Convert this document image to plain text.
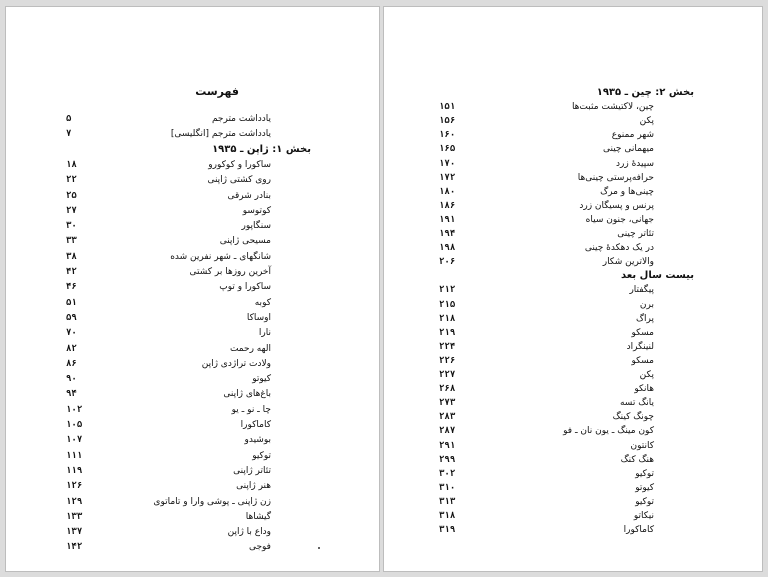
فهرست
یادداشت مترجم
۵
یادداشت مترجم [انگلیسی]
۷
بخش ۱: ژاپن ـ ۱۹۳۵
ساکورا و کوکورو
۱۸
روی کشتی ژاپنی
۲۲
بنادر شرقی
۲۵
کوتوسو
۲۷
سنگاپور
۳۰
مسیحی ژاپنی
۳۳
شانگهای ـ شهر نفرین شده
۳۸
آخرین روزها بر کشتی
۴۲
ساکورا و توپ
۴۶
کوبه
۵۱
اوساکا
۵۹
نارا
۷۰
الهه رحمت
۸۲
ولادت تراژدی ژاپن
۸۶
کیوتو
۹۰
باغ‌های ژاپنی
۹۴
چا ـ نو ـ یو
۱۰۲
کاماکورا
۱۰۵
بوشیدو
۱۰۷
توکیو
۱۱۱
تئاتر ژاپنی
۱۱۹
هنر ژاپنی
۱۲۶
زن ژاپنی ـ پوشی وارا و تاماتوی
۱۲۹
گیشاها
۱۳۳
وداع با ژاپن
۱۳۷
فوجی
۱۴۲
بخش ۲: چین ـ ۱۹۳۵
چین، لاکتیشت مثبت‌ها
۱۵۱
پکن
۱۵۶
شهر ممنوع
۱۶۰
میهمانی چینی
۱۶۵
سپیدهٔ زرد
۱۷۰
حرافه‌پرستی چینی‌ها
۱۷۲
چینی‌ها و مرگ
۱۸۰
پرنس و پسیگان زرد
۱۸۶
جهانی، جنون سیاه
۱۹۱
تئاتر چینی
۱۹۴
در یک دهکدهٔ چینی
۱۹۸
والاترین شکار
۲۰۶
بیست سال بعد
پیگفتار
۲۱۲
برن
۲۱۵
پراگ
۲۱۸
مسکو
۲۱۹
لنینگراد
۲۲۴
مسکو
۲۲۶
پکن
۲۲۷
هانکو
۲۶۸
یانگ تسه
۲۷۳
چونگ کینگ
۲۸۳
کون مینگ ـ یون نان ـ فو
۲۸۷
کانتون
۲۹۱
هنگ کنگ
۲۹۹
توکیو
۳۰۲
کیوتو
۳۱۰
توکیو
۳۱۳
نیکاتو
۳۱۸
کاماکورا
۳۱۹
